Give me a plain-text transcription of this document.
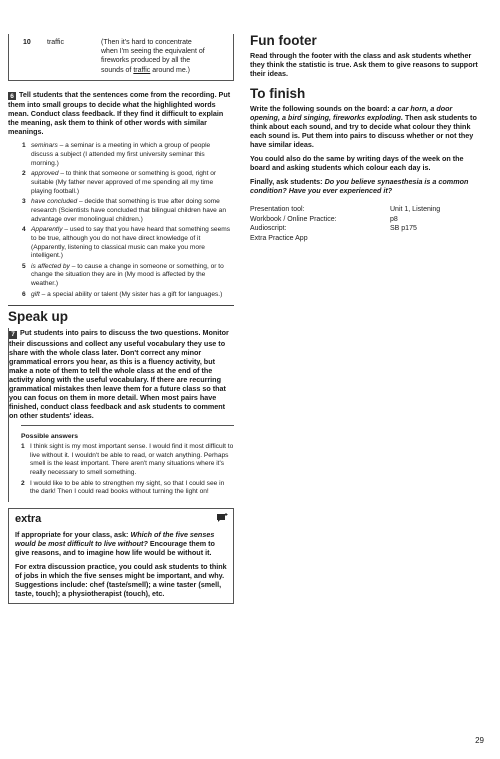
10	traffic	(Then it's hard to concentrate when I'm seeing the equivalent of fireworks produced by all the sounds of traffic around me.)

6 Tell students that the sentences come from the recording. Put them into small groups to decide what the highlighted words mean. Conduct class feedback. If they find it difficult to explain the meaning, ask them to think of other words with similar meanings.

1 seminars – a seminar is a meeting in which a group of people discuss a subject (I attended my first university seminar this morning.)
2 approved – to think that someone or something is good, right or suitable (My father never approved of me spending all my time playing football.)
3 have concluded – decide that something is true after doing some research (Scientists have concluded that bilingual children have an advantage over monolingual children.)
4 Apparently – used to say that you have heard that something seems to be true, although you do not have direct knowledge of it (Apparently, listening to classical music can make you more intelligent.)
5 is affected by – to cause a change in someone or something, or to change the situation they are in (My mood is affected by the weather.)
6 gift – a special ability or talent (My sister has a gift for languages.)
Speak up

7 Put students into pairs to discuss the two questions. Monitor their discussions and collect any useful vocabulary they use to share with the whole class later. Don't correct any minor grammatical errors you hear, as this is a fluency activity, but make a note of them to tell the whole class at the end of the activity along with the useful vocabulary. If there are recurring grammatical mistakes then leave them for a future class so that you can focus on them in more detail. When most pairs have finished, conduct class feedback and ask students to comment on other students' ideas.

Possible answers

1 I think sight is my most important sense. I would find it most difficult to live without it. I wouldn't be able to read, or watch anything. Perhaps smell is the least important. There aren't many situations where it's really necessary to smell something.
2 I would like to be able to strengthen my sight, so that I could see in the dark! Then I could read books without turning the light on!

extra

If appropriate for your class, ask: Which of the five senses would be most difficult to live without? Encourage them to give reasons, and to imagine how life would be without it.

For extra discussion practice, you could ask students to think of jobs in which the five senses might be important, and why. Suggestions include: chef (taste/smell); a wine taster (smell, taste, touch); a physiotherapist (touch), etc.

Fun footer

Read through the footer with the class and ask students whether they think the statistic is true. Ask them to give reasons to support their ideas.

To finish

Write the following sounds on the board: a car horn, a door opening, a bird singing, fireworks exploding. Then ask students to think about each sound, and try to decide what colour they think each sound is. Put them into pairs to discuss whether or not they have similar ideas.

You could also do the same by writing days of the week on the board and asking students which colour each day is.

Finally, ask students: Do you believe synaesthesia is a common condition? Have you ever experienced it?

Presentation tool:	Unit 1, Listening
Workbook / Online Practice:	p8
Audioscript:	SB p175
Extra Practice App
29
